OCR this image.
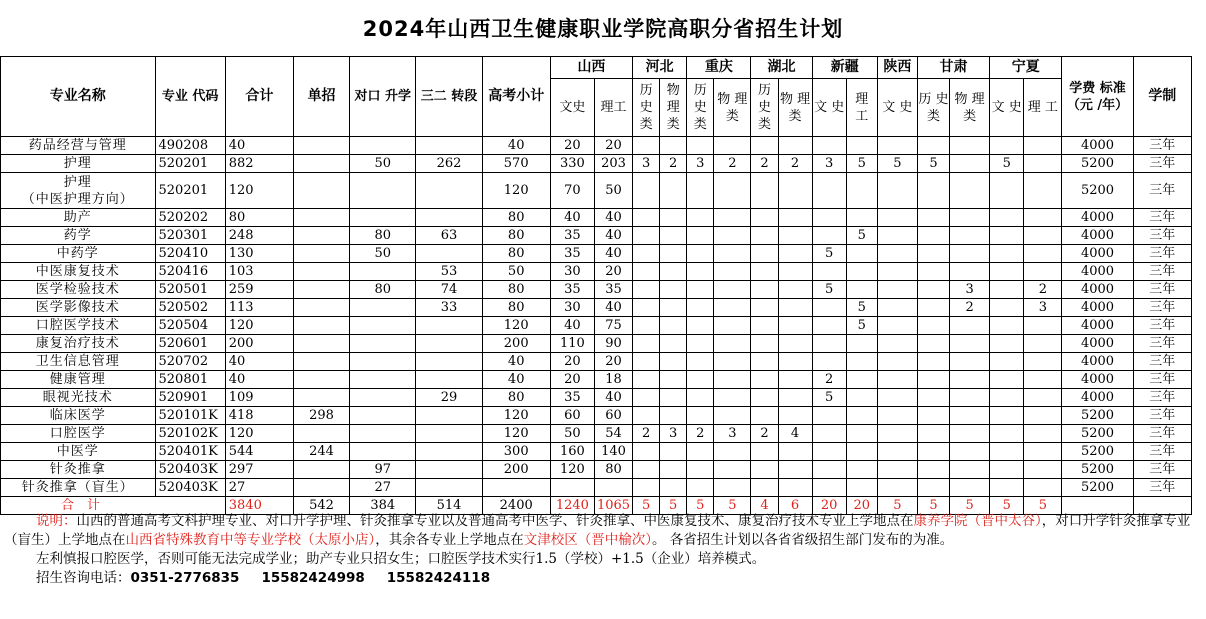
2024年山西卫生健康职业学院高职分省招生计划
专业名称	专业 代码	合计	单招	对口 升学	三二 转段	高考小计	山西		河北		重庆		湖北		新疆		陕西	甘肃		宁夏		学费 标准 （元 /年）	学制
							文史	理工	历 史 类	物 理 类	历 史 类	物 理 类	历 史 类	物 理 类	文 史	理 工	文 史	历 史 类	物 理 类	文 史	理 工		
药品经营与管理	490208	40				40	20	20														4000	三年
护理	520201	882		50	262	570	330	203	3	2	3	2	2	2	3	5	5	5		5		5200	三年
护理
（中医护理方向）	520201	120				120	70	50														5200	三年
助产	520202	80				80	40	40														4000	三年
药学	520301	248		80	63	80	35	40								5						4000	三年
中药学	520410	130		50		80	35	40							5							4000	三年
中医康复技术	520416	103			53	50	30	20														4000	三年
医学检验技术	520501	259		80	74	80	35	35							5				3		2	4000	三年
医学影像技术	520502	113			33	80	30	40								5			2		3	4000	三年
口腔医学技术	520504	120				120	40	75								5						4000	三年
康复治疗技术	520601	200				200	110	90														4000	三年
卫生信息管理	520702	40				40	20	20														4000	三年
健康管理	520801	40				40	20	18							2							4000	三年
眼视光技术	520901	109			29	80	35	40							5							4000	三年
临床医学	520101K	418	298			120	60	60														5200	三年
口腔医学	520102K	120				120	50	54	2	3	2	3	2	4								5200	三年
中医学	520401K	544	244			300	160	140														5200	三年
针灸推拿	520403K	297		97		200	120	80														5200	三年
针灸推拿（盲生）	520403K	27		27																		5200	三年
合　计		3840	542	384	514	2400	1240	1065	5	5	5	5	4	6	20	20	5	5	5	5	5		

说明：山西的普通高考文科护理专业、对口升学护理、针灸推拿专业以及普通高考中医学、针灸推拿、中医康复技术、康复治疗技术专业上学地点在康养学院（晋中太谷），对口升学针灸推拿专业（盲生）上学地点在山西省特殊教育中等专业学校（太原小店），其余各专业上学地点在文津校区（晋中榆次）。 各省招生计划以各省省级招生部门发布的为准。

左利慎报口腔医学，否则可能无法完成学业；助产专业只招女生；口腔医学技术实行1.5（学校）+1.5（企业）培养模式。

招生咨询电话：0351-2776835 15582424998 15582424118
